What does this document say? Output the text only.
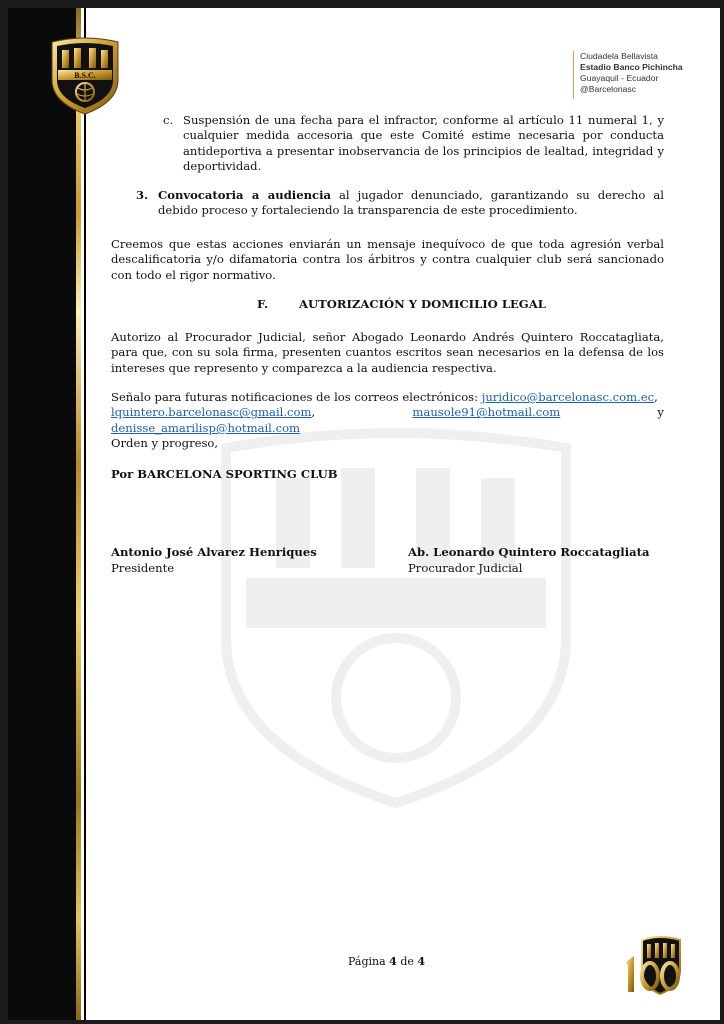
B.S.C.
Ciudadela Bellavista
Estadio Banco Pichincha
Guayaquil - Ecuador
@Barcelonasc

c. Suspensión de una fecha para el infractor, conforme al artículo 11 numeral 1, y cualquier medida accesoria que este Comité estime necesaria por conducta antideportiva a presentar inobservancia de los principios de lealtad, integridad y deportividad.

3. Convocatoria a audiencia al jugador denunciado, garantizando su derecho al debido proceso y fortaleciendo la transparencia de este procedimiento.

Creemos que estas acciones enviarán un mensaje inequívoco de que toda agresión verbal descalificatoria y/o difamatoria contra los árbitros y contra cualquier club será sancionado con todo el rigor normativo.

F.	AUTORIZACIÓN Y DOMICILIO LEGAL

Autorizo al Procurador Judicial, señor Abogado Leonardo Andrés Quintero Roccatagliata, para que, con su sola firma, presenten cuantos escritos sean necesarios en la defensa de los intereses que represento y comparezca a la audiencia respectiva.

Señalo para futuras notificaciones de los correos electrónicos: juridico@barcelonasc.com.ec,
lquintero.barcelonasc@gmail.com, mausole91@hotmail.com y denisse_amarilisp@hotmail.com

Orden y progreso,

Por BARCELONA SPORTING CLUB

Antonio José Alvarez Henriques

Presidente

Ab. Leonardo Quintero Roccatagliata

Procurador Judicial

Página 4 de 4
